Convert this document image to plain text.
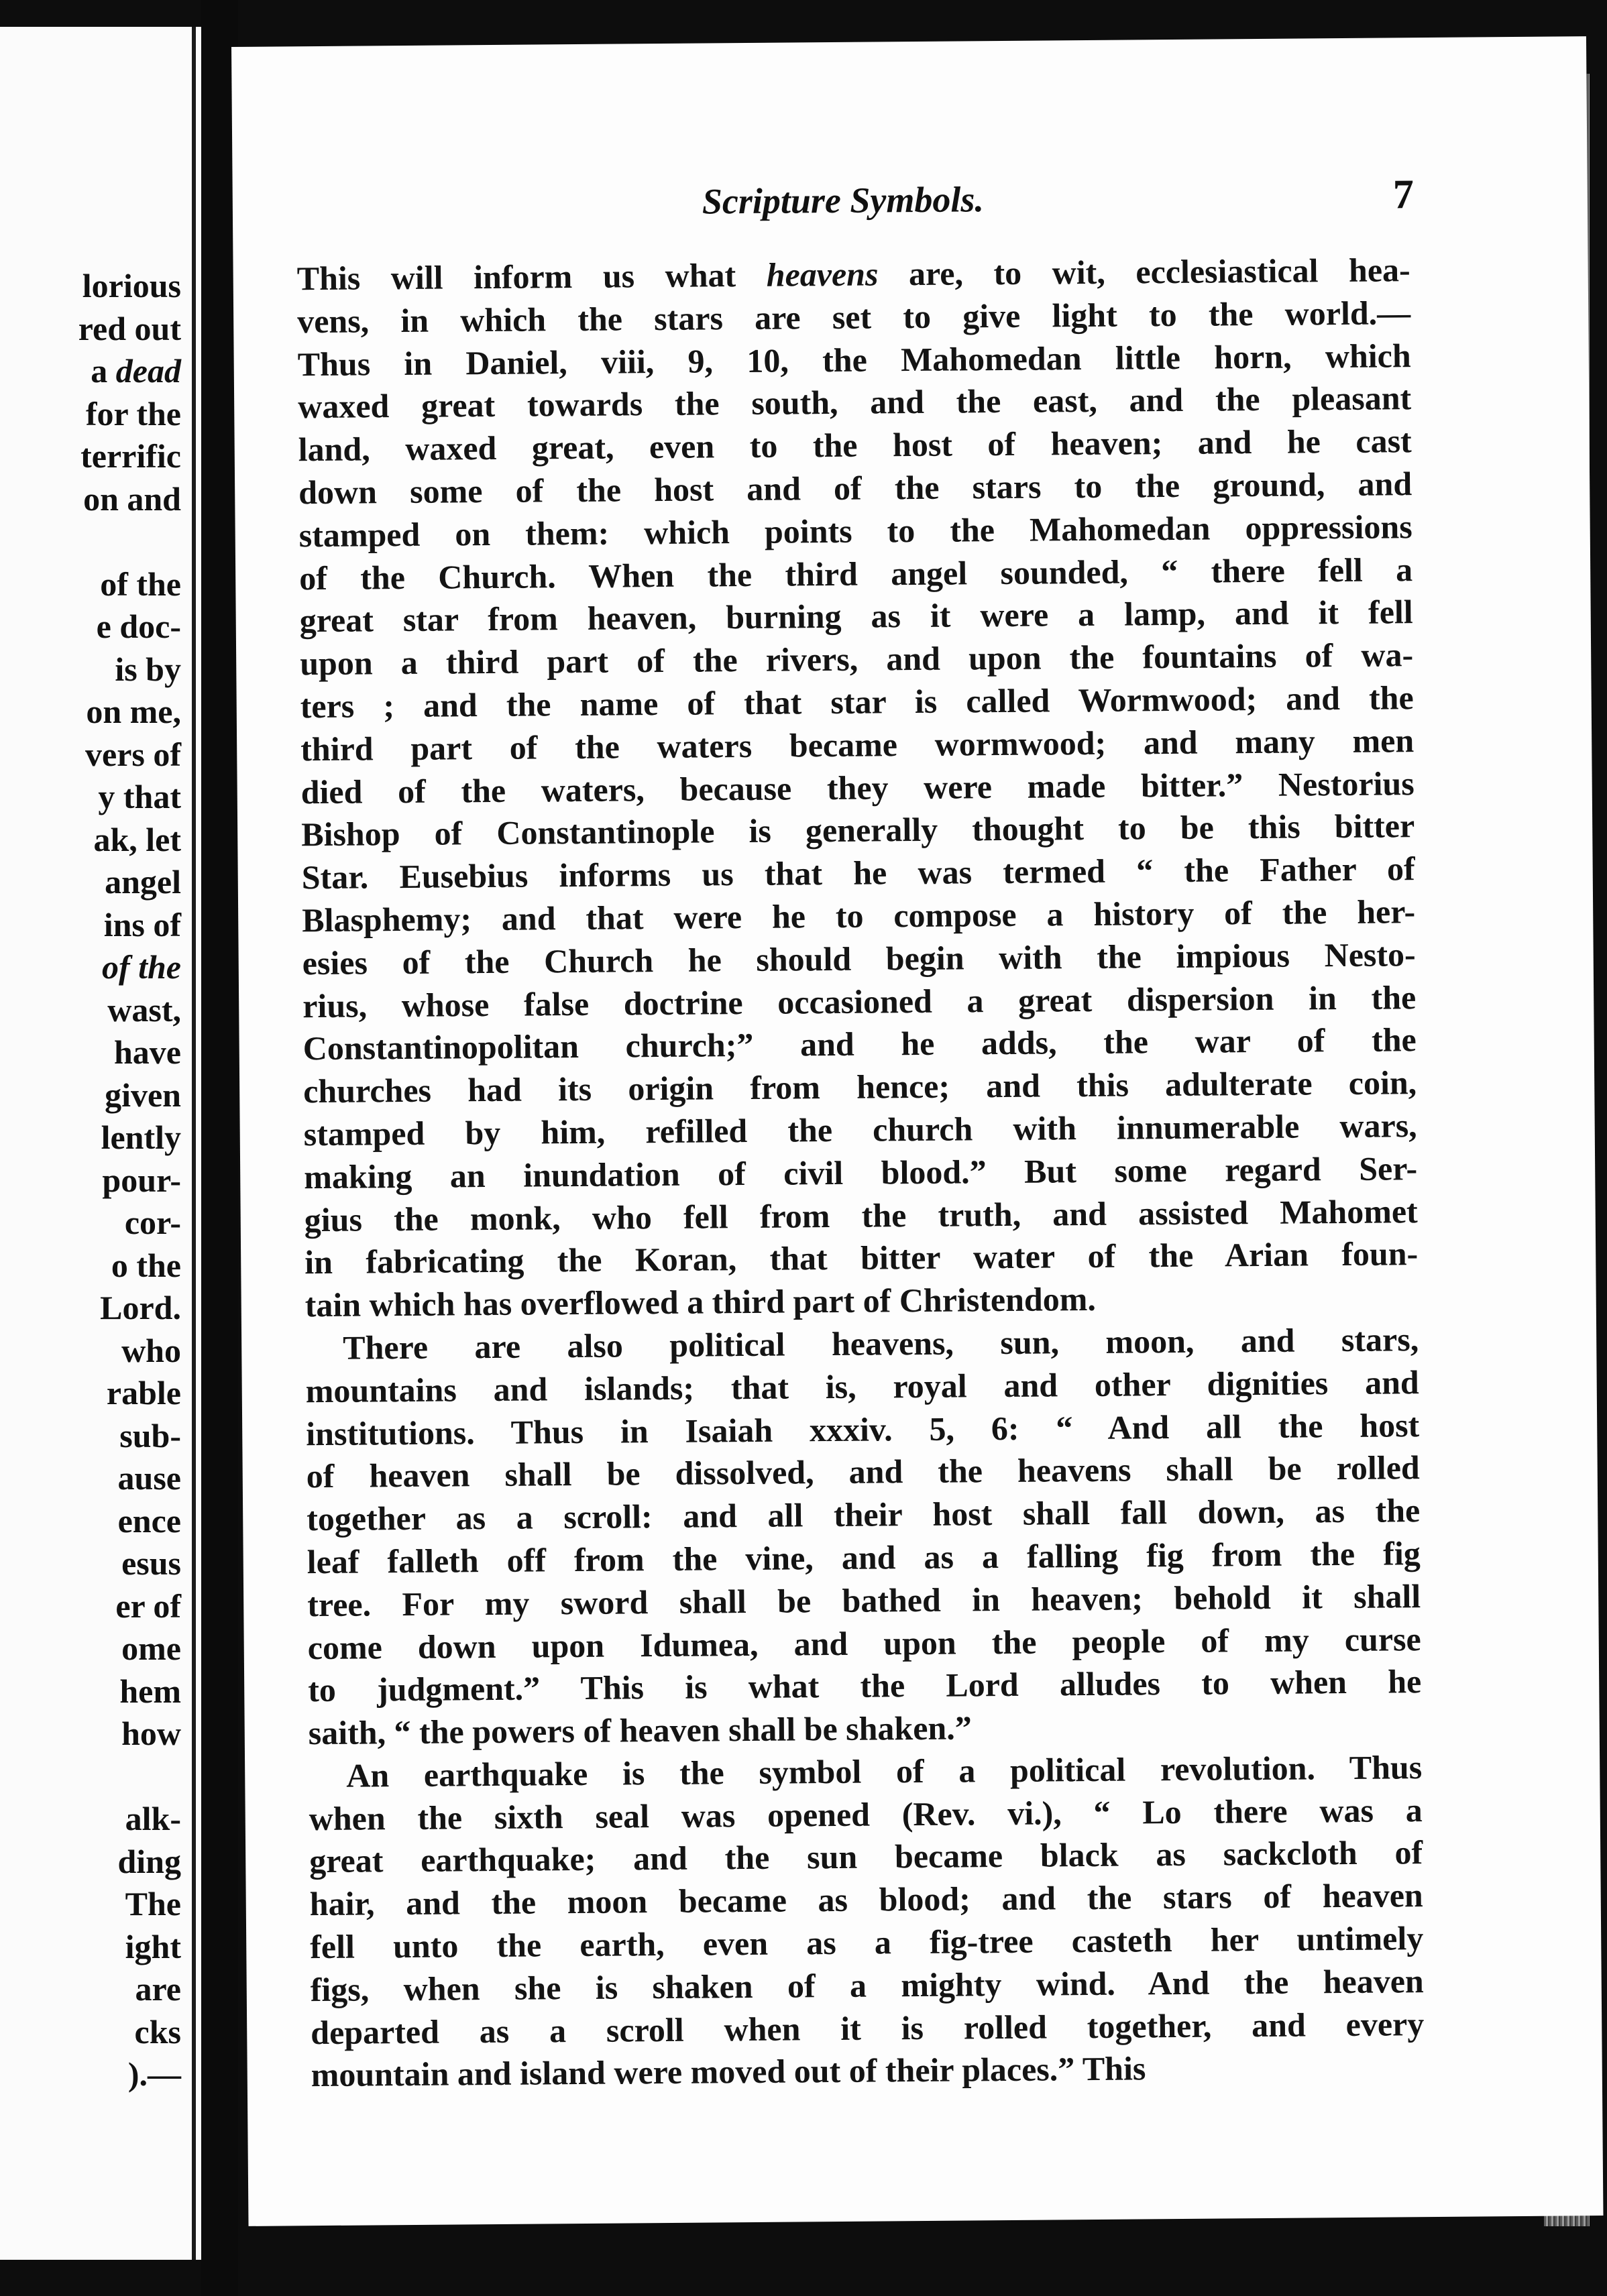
lorious
red out
a dead
for the
terrific
on and
of the
e doc-
is by
on me,
vers of
y that
ak, let
angel
ins of
of the
wast,
have
given
lently
pour-
cor-
o the
Lord.
who
rable
sub-
ause
ence
esus
er of
ome
hem
how
alk-
ding
The
ight
are
cks
).—
Scripture Symbols.	7
This will inform us what heavens are, to wit, ecclesiastical hea-
vens, in which the stars are set to give light to the world.—
Thus in Daniel, viii, 9, 10, the Mahomedan little horn, which
waxed great towards the south, and the east, and the pleasant
land, waxed great, even to the host of heaven; and he cast
down some of the host and of the stars to the ground, and
stamped on them: which points to the Mahomedan oppressions
of the Church. When the third angel sounded, “ there fell a
great star from heaven, burning as it were a lamp, and it fell
upon a third part of the rivers, and upon the fountains of wa-
ters ; and the name of that star is called Wormwood; and the
third part of the waters became wormwood; and many men
died of the waters, because they were made bitter.” Nestorius
Bishop of Constantinople is generally thought to be this bitter
Star. Eusebius informs us that he was termed “ the Father of
Blasphemy; and that were he to compose a history of the her-
esies of the Church he should begin with the impious Nesto-
rius, whose false doctrine occasioned a great dispersion in the
Constantinopolitan church;” and he adds, the war of the
churches had its origin from hence; and this adulterate coin,
stamped by him, refilled the church with innumerable wars,
making an inundation of civil blood.” But some regard Ser-
gius the monk, who fell from the truth, and assisted Mahomet
in fabricating the Koran, that bitter water of the Arian foun-
tain which has overflowed a third part of Christendom.
There are also political heavens, sun, moon, and stars,
mountains and islands; that is, royal and other dignities and
institutions. Thus in Isaiah xxxiv. 5, 6: “ And all the host
of heaven shall be dissolved, and the heavens shall be rolled
together as a scroll: and all their host shall fall down, as the
leaf falleth off from the vine, and as a falling fig from the fig
tree. For my sword shall be bathed in heaven; behold it shall
come down upon Idumea, and upon the people of my curse
to judgment.” This is what the Lord alludes to when he
saith, “ the powers of heaven shall be shaken.”
An earthquake is the symbol of a political revolution. Thus
when the sixth seal was opened (Rev. vi.), “ Lo there was a
great earthquake; and the sun became black as sackcloth of
hair, and the moon became as blood; and the stars of heaven
fell unto the earth, even as a fig-tree casteth her untimely
figs, when she is shaken of a mighty wind. And the heaven
departed as a scroll when it is rolled together, and every
mountain and island were moved out of their places.” This
